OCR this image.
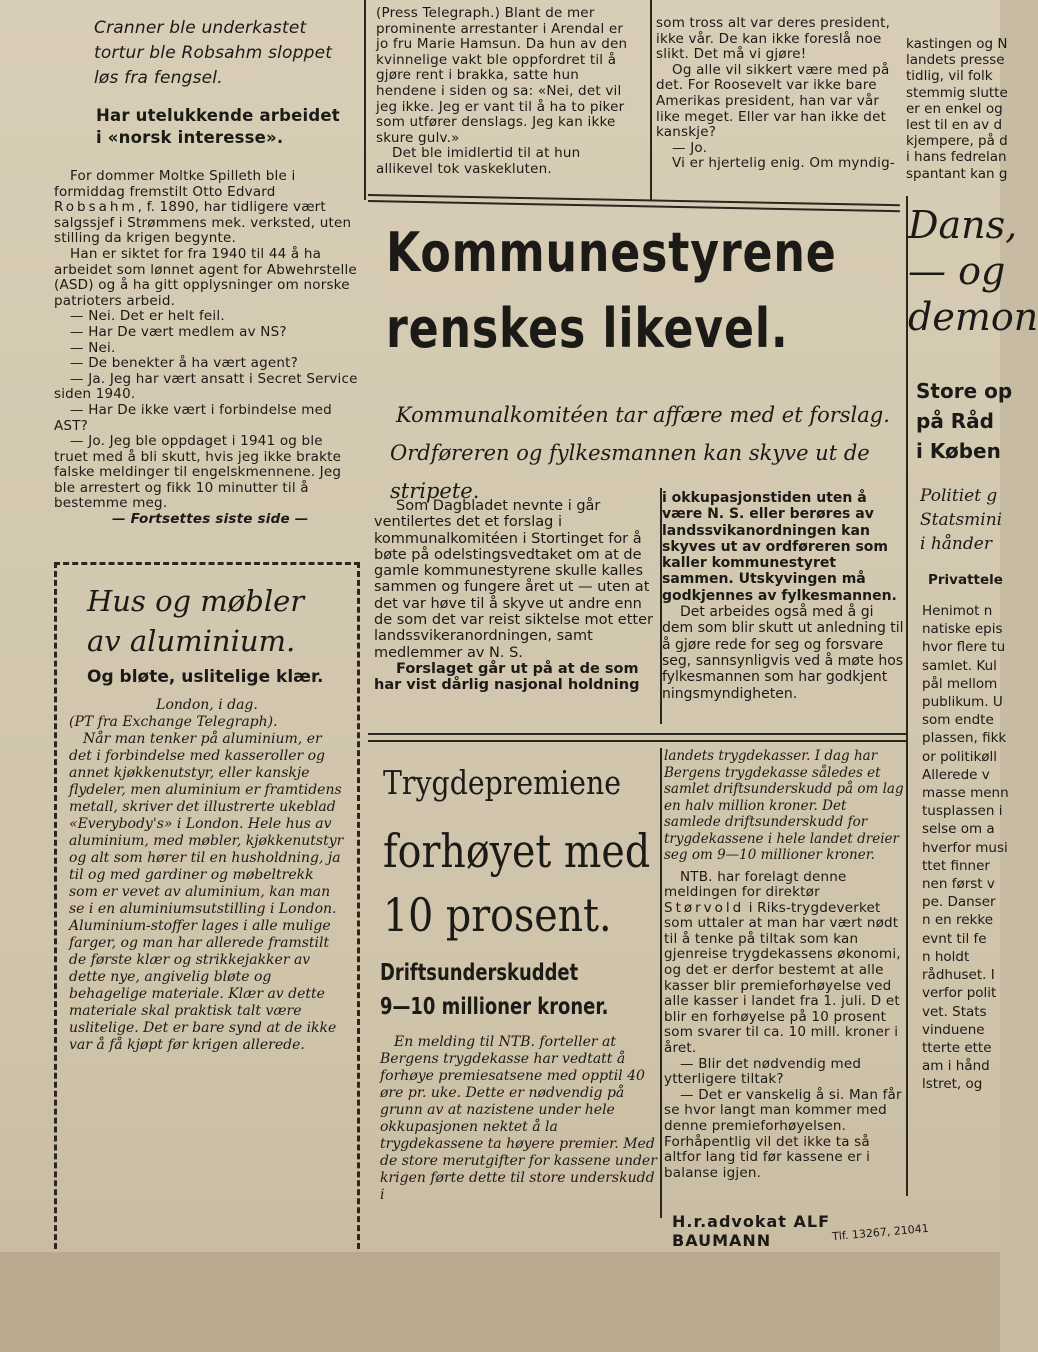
Cranner ble underkastet

tortur ble Robsahm sloppet

løs fra fengsel.

Har utelukkende arbeidet
i «norsk interesse».

For dommer Moltke Spilleth ble i formiddag fremstilt Otto Edvard Robsahm, f. 1890, har tidligere vært salgssjef i Strømmens mek. verksted, uten stilling da krigen begynte.

Han er siktet for fra 1940 til 44 å ha arbeidet som lønnet agent for Abwehrstelle (ASD) og å ha gitt opplysninger om norske patrioters arbeid.

— Nei. Det er helt feil.

— Har De vært medlem av NS?

— Nei.

— De benekter å ha vært agent?

— Ja. Jeg har vært ansatt i Secret Service siden 1940.

— Har De ikke vært i forbindelse med AST?

— Jo. Jeg ble oppdaget i 1941 og ble truet med å bli skutt, hvis jeg ikke brakte falske meldinger til engelskmennene. Jeg ble arrestert og fikk 10 minutter til å bestemme meg.

— Fortsettes siste side —

(Press Telegraph.) Blant de mer prominente arrestanter i Arendal er jo fru Marie Hamsun. Da hun av den kvinnelige vakt ble oppfordret til å gjøre rent i brakka, satte hun hendene i siden og sa: «Nei, det vil jeg ikke. Jeg er vant til å ha to piker som utfører denslags. Jeg kan ikke skure gulv.»

Det ble imidlertid til at hun allikevel tok vaskekluten.

som tross alt var deres president, ikke vår. De kan ikke foreslå noe slikt. Det må vi gjøre!

Og alle vil sikkert være med på det. For Roosevelt var ikke bare Amerikas president, han var vår like meget. Eller var han ikke det kanskje?

— Jo.

Vi er hjertelig enig. Om myndig-

Kommunestyrene
renskes likevel.
Kommunalkomitéen tar affære med et forslag.
Ordføreren og fylkesmannen kan skyve ut de stripete.

Som Dagbladet nevnte i går ventilertes det et forslag i kommunalkomitéen i Stortinget for å bøte på odelstingsvedtaket om at de gamle kommunestyrene skulle kalles sammen og fungere året ut — uten at det var høve til å skyve ut andre enn de som det var reist siktelse mot etter landssvikeranordningen, samt medlemmer av N. S.

Forslaget går ut på at de som har vist dårlig nasjonal holdning

i okkupasjonstiden uten å være N. S. eller berøres av landssvikanordningen kan skyves ut av ordføreren som kaller kommunestyret sammen. Utskyvingen må godkjennes av fylkesmannen.

Det arbeides også med å gi dem som blir skutt ut anledning til å gjøre rede for seg og forsvare seg, sannsynligvis ved å møte hos fylkesmannen som har godkjent ningsmyndigheten.

Hus og møbler
av aluminium.
Og bløte, uslitelige klær.

London, i dag.

(PT fra Exchange Telegraph).

Når man tenker på aluminium, er det i forbindelse med kasseroller og annet kjøkkenutstyr, eller kanskje flydeler, men aluminium er framtidens metall, skriver det illustrerte ukeblad «Everybody's» i London. Hele hus av aluminium, med møbler, kjøkkenutstyr og alt som hører til en husholdning, ja til og med gardiner og møbeltrekk som er vevet av aluminium, kan man se i en aluminiumsutstilling i London. Aluminium-stoffer lages i alle mulige farger, og man har allerede framstilt de første klær og strikkejakker av dette nye, angivelig bløte og behagelige materiale. Klær av dette materiale skal praktisk talt være uslitelige. Det er bare synd at de ikke var å få kjøpt før krigen allerede.

Trygdepremiene
forhøyet med
10 prosent.
Driftsunderskuddet
9—10 millioner kroner.

En melding til NTB. forteller at Bergens trygdekasse har vedtatt å forhøye premiesatsene med opptil 40 øre pr. uke. Dette er nødvendig på grunn av at nazistene under hele okkupasjonen nektet å la trygdekassene ta høyere premier. Med de store merutgifter for kassene under krigen førte dette til store underskudd i

landets trygdekasser. I dag har Bergens trygdekasse således et samlet driftsunderskudd på om lag en halv million kroner. Det samlede driftsunderskudd for trygdekassene i hele landet dreier seg om 9—10 millioner kroner.

NTB. har forelagt denne meldingen for direktør Størvold i Riks-trygdeverket som uttaler at man har vært nødt til å tenke på tiltak som kan gjenreise trygdekassens økonomi, og det er derfor bestemt at alle kasser blir premieforhøyelse ved alle kasser i landet fra 1. juli. D et blir en forhøyelse på 10 prosent som svarer til ca. 10 mill. kroner i året.

— Blir det nødvendig med ytterligere tiltak?

— Det er vanskelig å si. Man får se hvor langt man kommer med denne premieforhøyelsen. Forhåpentlig vil det ikke ta så altfor lang tid før kassene er i balanse igjen.

H.r.advokat ALF BAUMANN	Tlf. 13267, 21041
kastingen og N
landets presse
tidlig, vil folk
stemmig slutte
er en enkel og
lest til en av d
kjempere, på d
i hans fedrelan
spantant kan g
Dans,
— og
demon
Store op
på Råd
i Køben
Politiet g
Statsmini
i hånder
Privattele
Henimot n
natiske epis
hvor flere tu
samlet. Kul
pål mellom
publikum. U
som endte
plassen, fikk
or politikøll
Allerede v
masse menn
tusplassen i
selse om a
hverfor musi
ttet finner
nen først v
pe. Danser
n en rekke
evnt til fe
n holdt
rådhuset. I
verfor polit
vet. Stats
vinduene
tterte ette
am i hånd
lstret, og
